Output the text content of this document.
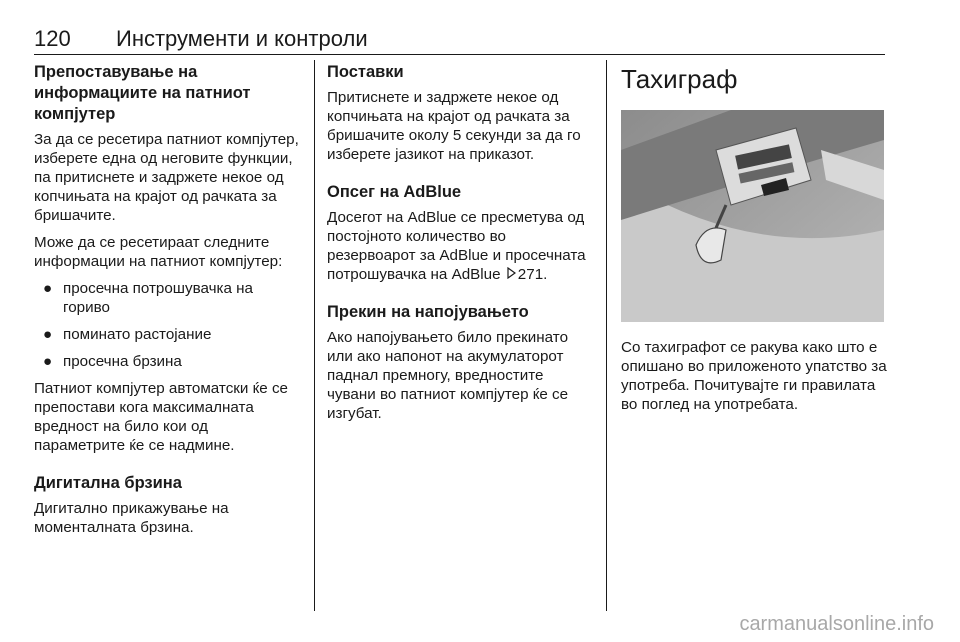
120 Инструменти и контроли
Препоставување на информациите на патниот компјутер

За да се ресетира патниот компјутер, изберете една од неговите функции, па притиснете и задржете некое од копчињата на крајот од рачката за бришачите.

Може да се ресетираат следните информации на патниот компјутер:

● просечна потрошувачка на гориво
● поминато растојание
● просечна брзина

Патниот компјутер автоматски ќе се препостави кога максималната вредност на било кои од параметрите ќе се надмине.

Дигитална брзина

Дигитално прикажување на моменталната брзина.

Поставки

Притиснете и задржете некое од копчињата на крајот од рачката за бришачите околу 5 секунди за да го изберете јазикот на приказот.

Опсег на AdBlue

Досегот на AdBlue се пресметува од постојното количество во резервоарот за AdBlue и просечната потрошувачка на AdBlue 271.

Прекин на напојувањето

Ако напојувањето било прекинато или ако напонот на акумулаторот паднал премногу, вредностите чувани во патниот компјутер ќе се изгубат.

Тахиграф

Со тахиграфот се ракува како што е опишано во приложеното упатство за употреба. Почитувајте ги правилата во поглед на употребата.

carmanualsonline.info
